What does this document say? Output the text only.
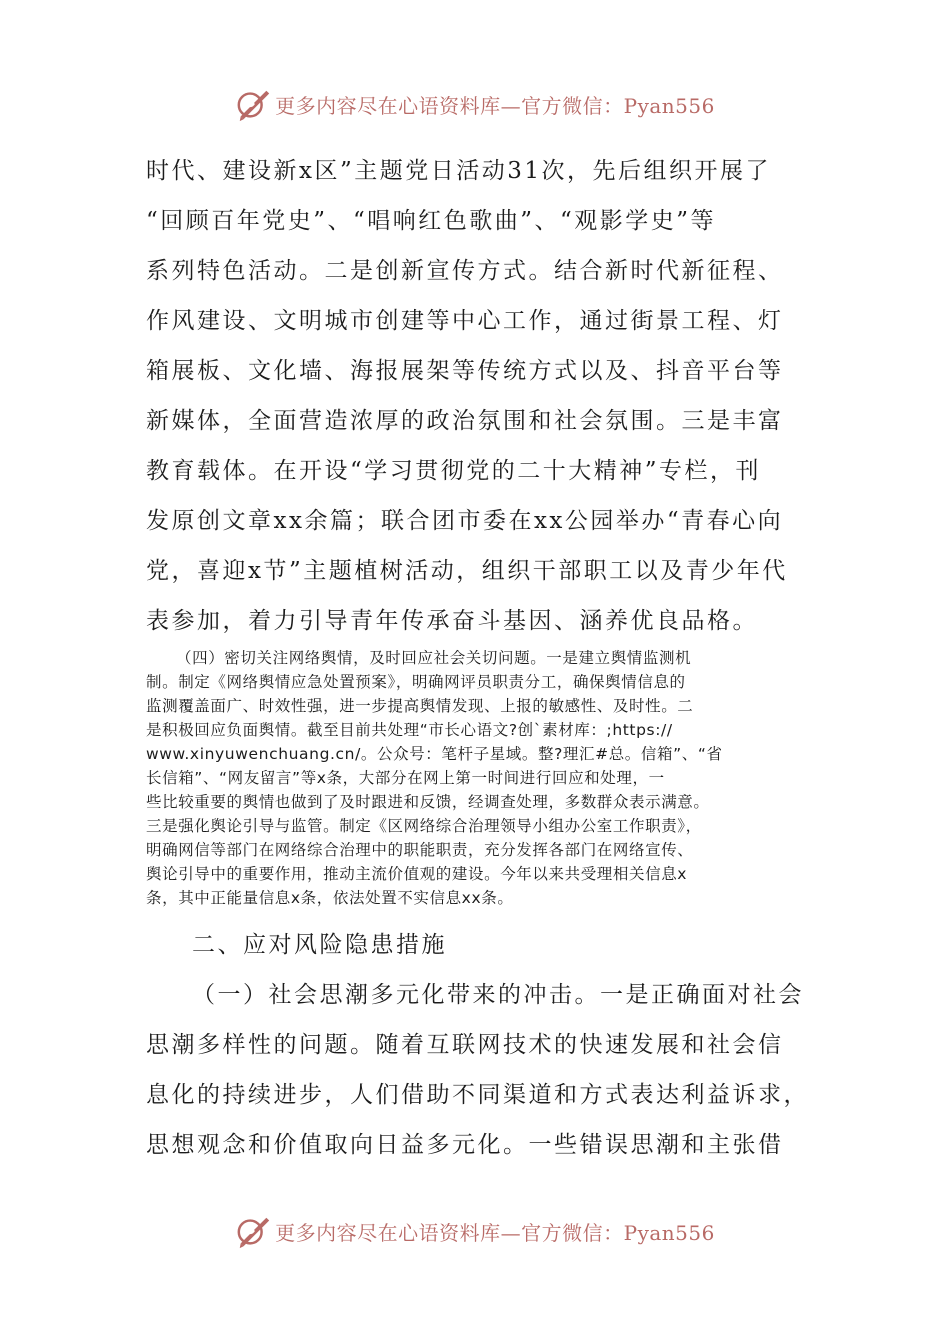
更多内容尽在心语资料库—官方微信：Pyan556

时代、建设新x区”主题党日活动31次，先后组织开展了

“回顾百年党史”、“唱响红色歌曲”、“观影学史”等

系列特色活动。二是创新宣传方式。结合新时代新征程、

作风建设、文明城市创建等中心工作，通过街景工程、灯

箱展板、文化墙、海报展架等传统方式以及、抖音平台等

新媒体，全面营造浓厚的政治氛围和社会氛围。三是丰富

教育载体。在开设“学习贯彻党的二十大精神”专栏，刊

发原创文章xx余篇；联合团市委在xx公园举办“青春心向

党，喜迎x节”主题植树活动，组织干部职工以及青少年代

表参加，着力引导青年传承奋斗基因、涵养优良品格。

（四）密切关注网络舆情，及时回应社会关切问题。一是建立舆情监测机

制。制定《网络舆情应急处置预案》，明确网评员职责分工，确保舆情信息的

监测覆盖面广、时效性强，进一步提高舆情发现、上报的敏感性、及时性。二

是积极回应负面舆情。截至目前共处理“市长心语文?创`素材库：;https://

www.xinyuwenchuang.cn/。公众号：笔杆子星域。整?理汇#总。信箱”、“省

长信箱”、“网友留言”等x条，大部分在网上第一时间进行回应和处理，一

些比较重要的舆情也做到了及时跟进和反馈，经调查处理，多数群众表示满意。

三是强化舆论引导与监管。制定《区网络综合治理领导小组办公室工作职责》，

明确网信等部门在网络综合治理中的职能职责，充分发挥各部门在网络宣传、

舆论引导中的重要作用，推动主流价值观的建设。今年以来共受理相关信息x

条，其中正能量信息x条，依法处置不实信息xx条。

二、应对风险隐患措施

（一）社会思潮多元化带来的冲击。一是正确面对社会

思潮多样性的问题。随着互联网技术的快速发展和社会信

息化的持续进步，人们借助不同渠道和方式表达利益诉求，

思想观念和价值取向日益多元化。一些错误思潮和主张借

更多内容尽在心语资料库—官方微信：Pyan556
